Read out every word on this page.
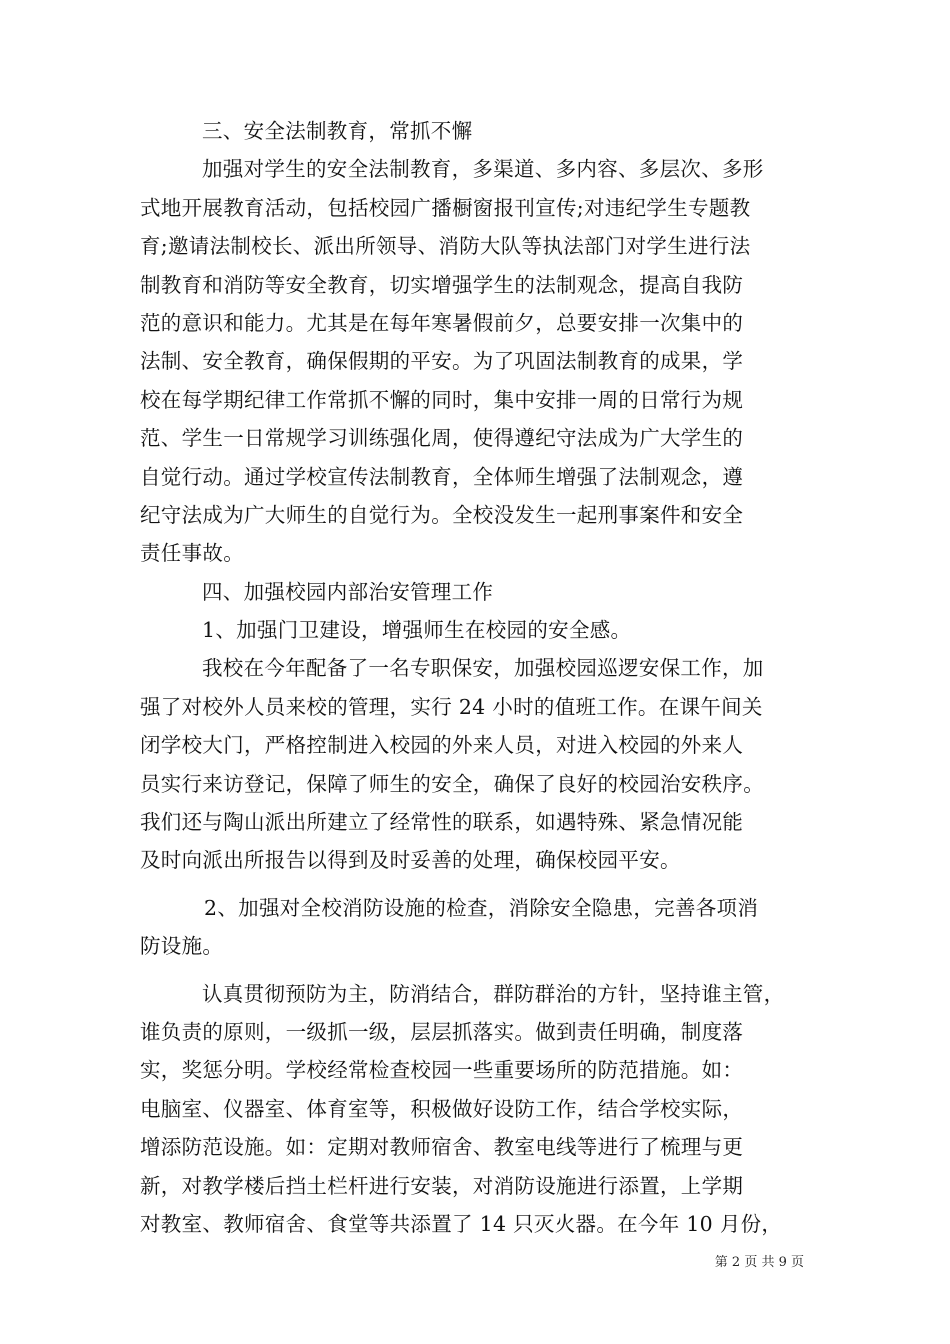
三、安全法制教育，常抓不懈
加强对学生的安全法制教育，多渠道、多内容、多层次、多形
式地开展教育活动，包括校园广播橱窗报刊宣传;对违纪学生专题教
育;邀请法制校长、派出所领导、消防大队等执法部门对学生进行法
制教育和消防等安全教育，切实增强学生的法制观念，提高自我防
范的意识和能力。尤其是在每年寒暑假前夕，总要安排一次集中的
法制、安全教育，确保假期的平安。为了巩固法制教育的成果，学
校在每学期纪律工作常抓不懈的同时，集中安排一周的日常行为规
范、学生一日常规学习训练强化周，使得遵纪守法成为广大学生的
自觉行动。通过学校宣传法制教育，全体师生增强了法制观念，遵
纪守法成为广大师生的自觉行为。全校没发生一起刑事案件和安全
责任事故。
四、加强校园内部治安管理工作
1、加强门卫建设，增强师生在校园的安全感。
我校在今年配备了一名专职保安，加强校园巡逻安保工作，加
强了对校外人员来校的管理，实行 24 小时的值班工作。在课午间关
闭学校大门，严格控制进入校园的外来人员，对进入校园的外来人
员实行来访登记，保障了师生的安全，确保了良好的校园治安秩序。
我们还与陶山派出所建立了经常性的联系，如遇特殊、紧急情况能
及时向派出所报告以得到及时妥善的处理，确保校园平安。
2、加强对全校消防设施的检查，消除安全隐患，完善各项消
防设施。
认真贯彻预防为主，防消结合，群防群治的方针，坚持谁主管，
谁负责的原则，一级抓一级，层层抓落实。做到责任明确，制度落
实，奖惩分明。学校经常检查校园一些重要场所的防范措施。如：
电脑室、仪器室、体育室等，积极做好设防工作，结合学校实际，
增添防范设施。如：定期对教师宿舍、教室电线等进行了梳理与更
新，对教学楼后挡土栏杆进行安装，对消防设施进行添置，上学期
对教室、教师宿舍、食堂等共添置了 14 只灭火器。在今年 10 月份，
第 2 页 共 9 页
